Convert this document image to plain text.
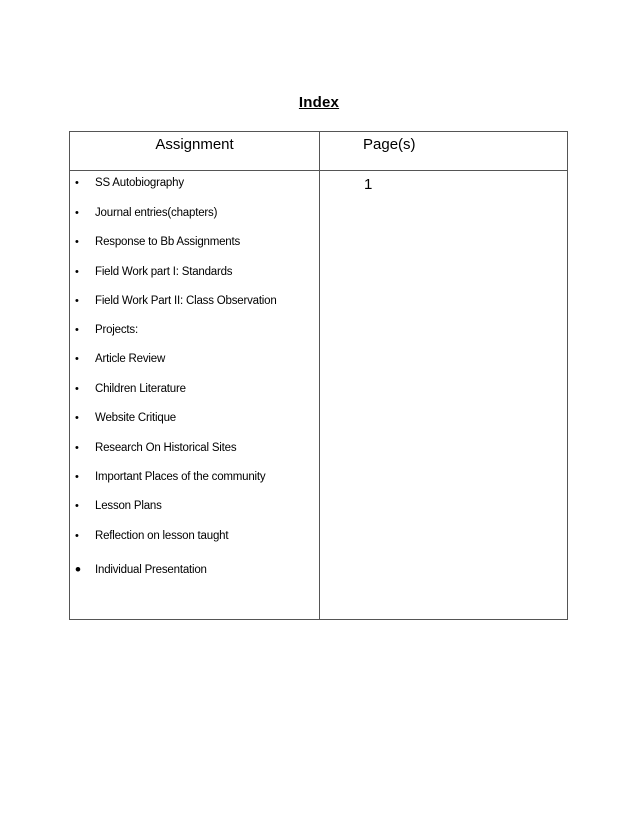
Index
Assignment	Page(s)
• SS Autobiography
• Journal entries(chapters)
• Response to Bb Assignments
• Field Work part I: Standards
• Field Work Part II: Class Observation
• Projects:
• Article Review
• Children Literature
• Website Critique
• Research On Historical Sites
• Important Places of the community
• Lesson Plans
• Reflection on lesson taught
• Individual Presentation
1
